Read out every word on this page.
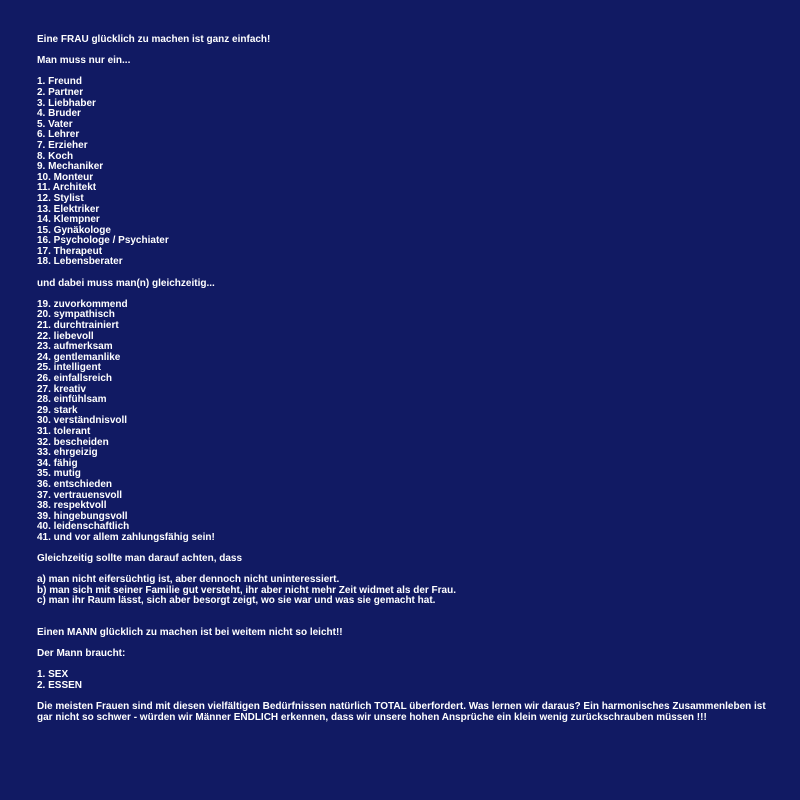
Eine FRAU glücklich zu machen ist ganz einfach!
Man muss nur ein...
1. Freund
2. Partner
3. Liebhaber
4. Bruder
5. Vater
6. Lehrer
7. Erzieher
8. Koch
9. Mechaniker
10. Monteur
11. Architekt
12. Stylist
13. Elektriker
14. Klempner
15. Gynäkologe
16. Psychologe / Psychiater
17. Therapeut
18. Lebensberater
und dabei muss man(n) gleichzeitig...
19. zuvorkommend
20. sympathisch
21. durchtrainiert
22. liebevoll
23. aufmerksam
24. gentlemanlike
25. intelligent
26. einfallsreich
27. kreativ
28. einfühlsam
29. stark
30. verständnisvoll
31. tolerant
32. bescheiden
33. ehrgeizig
34. fähig
35. mutig
36. entschieden
37. vertrauensvoll
38. respektvoll
39. hingebungsvoll
40. leidenschaftlich
41. und vor allem zahlungsfähig sein!
Gleichzeitig sollte man darauf achten, dass
a) man nicht eifersüchtig ist, aber dennoch nicht uninteressiert.
b) man sich mit seiner Familie gut versteht, ihr aber nicht mehr Zeit widmet als der Frau.
c) man ihr Raum lässt, sich aber besorgt zeigt, wo sie war und was sie gemacht hat.
Einen MANN glücklich zu machen ist bei weitem nicht so leicht!!
Der Mann braucht:
1. SEX
2. ESSEN
Die meisten Frauen sind mit diesen vielfältigen Bedürfnissen natürlich TOTAL überfordert. Was lernen wir daraus? Ein harmonisches Zusammenleben ist gar nicht so schwer - würden wir Männer ENDLICH erkennen, dass wir unsere hohen Ansprüche ein klein wenig zurückschrauben müssen !!!
